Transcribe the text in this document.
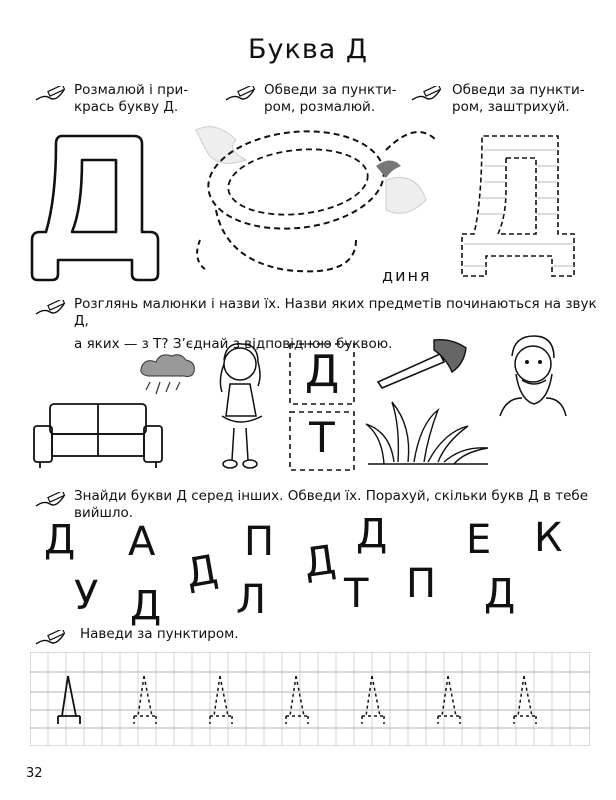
Буква Д
Розмалюй і при-
крась букву Д.
Обведи за пункти-
ром, розмалюй.
Обведи за пункти-
ром, заштрихуй.
диня
Розглянь малюнки і назви їх. Назви яких предметів починаються на звук Д,
а яких — з Т? З’єднай з відповідною буквою.
Д
Т
Знайди букви Д серед інших. Обведи їх. Порахуй, скільки букв Д в тебе вийшло.
Д А П Д
Д Е К
У Д
Д
Л Т П Д
Наведи за пунктиром.
32
